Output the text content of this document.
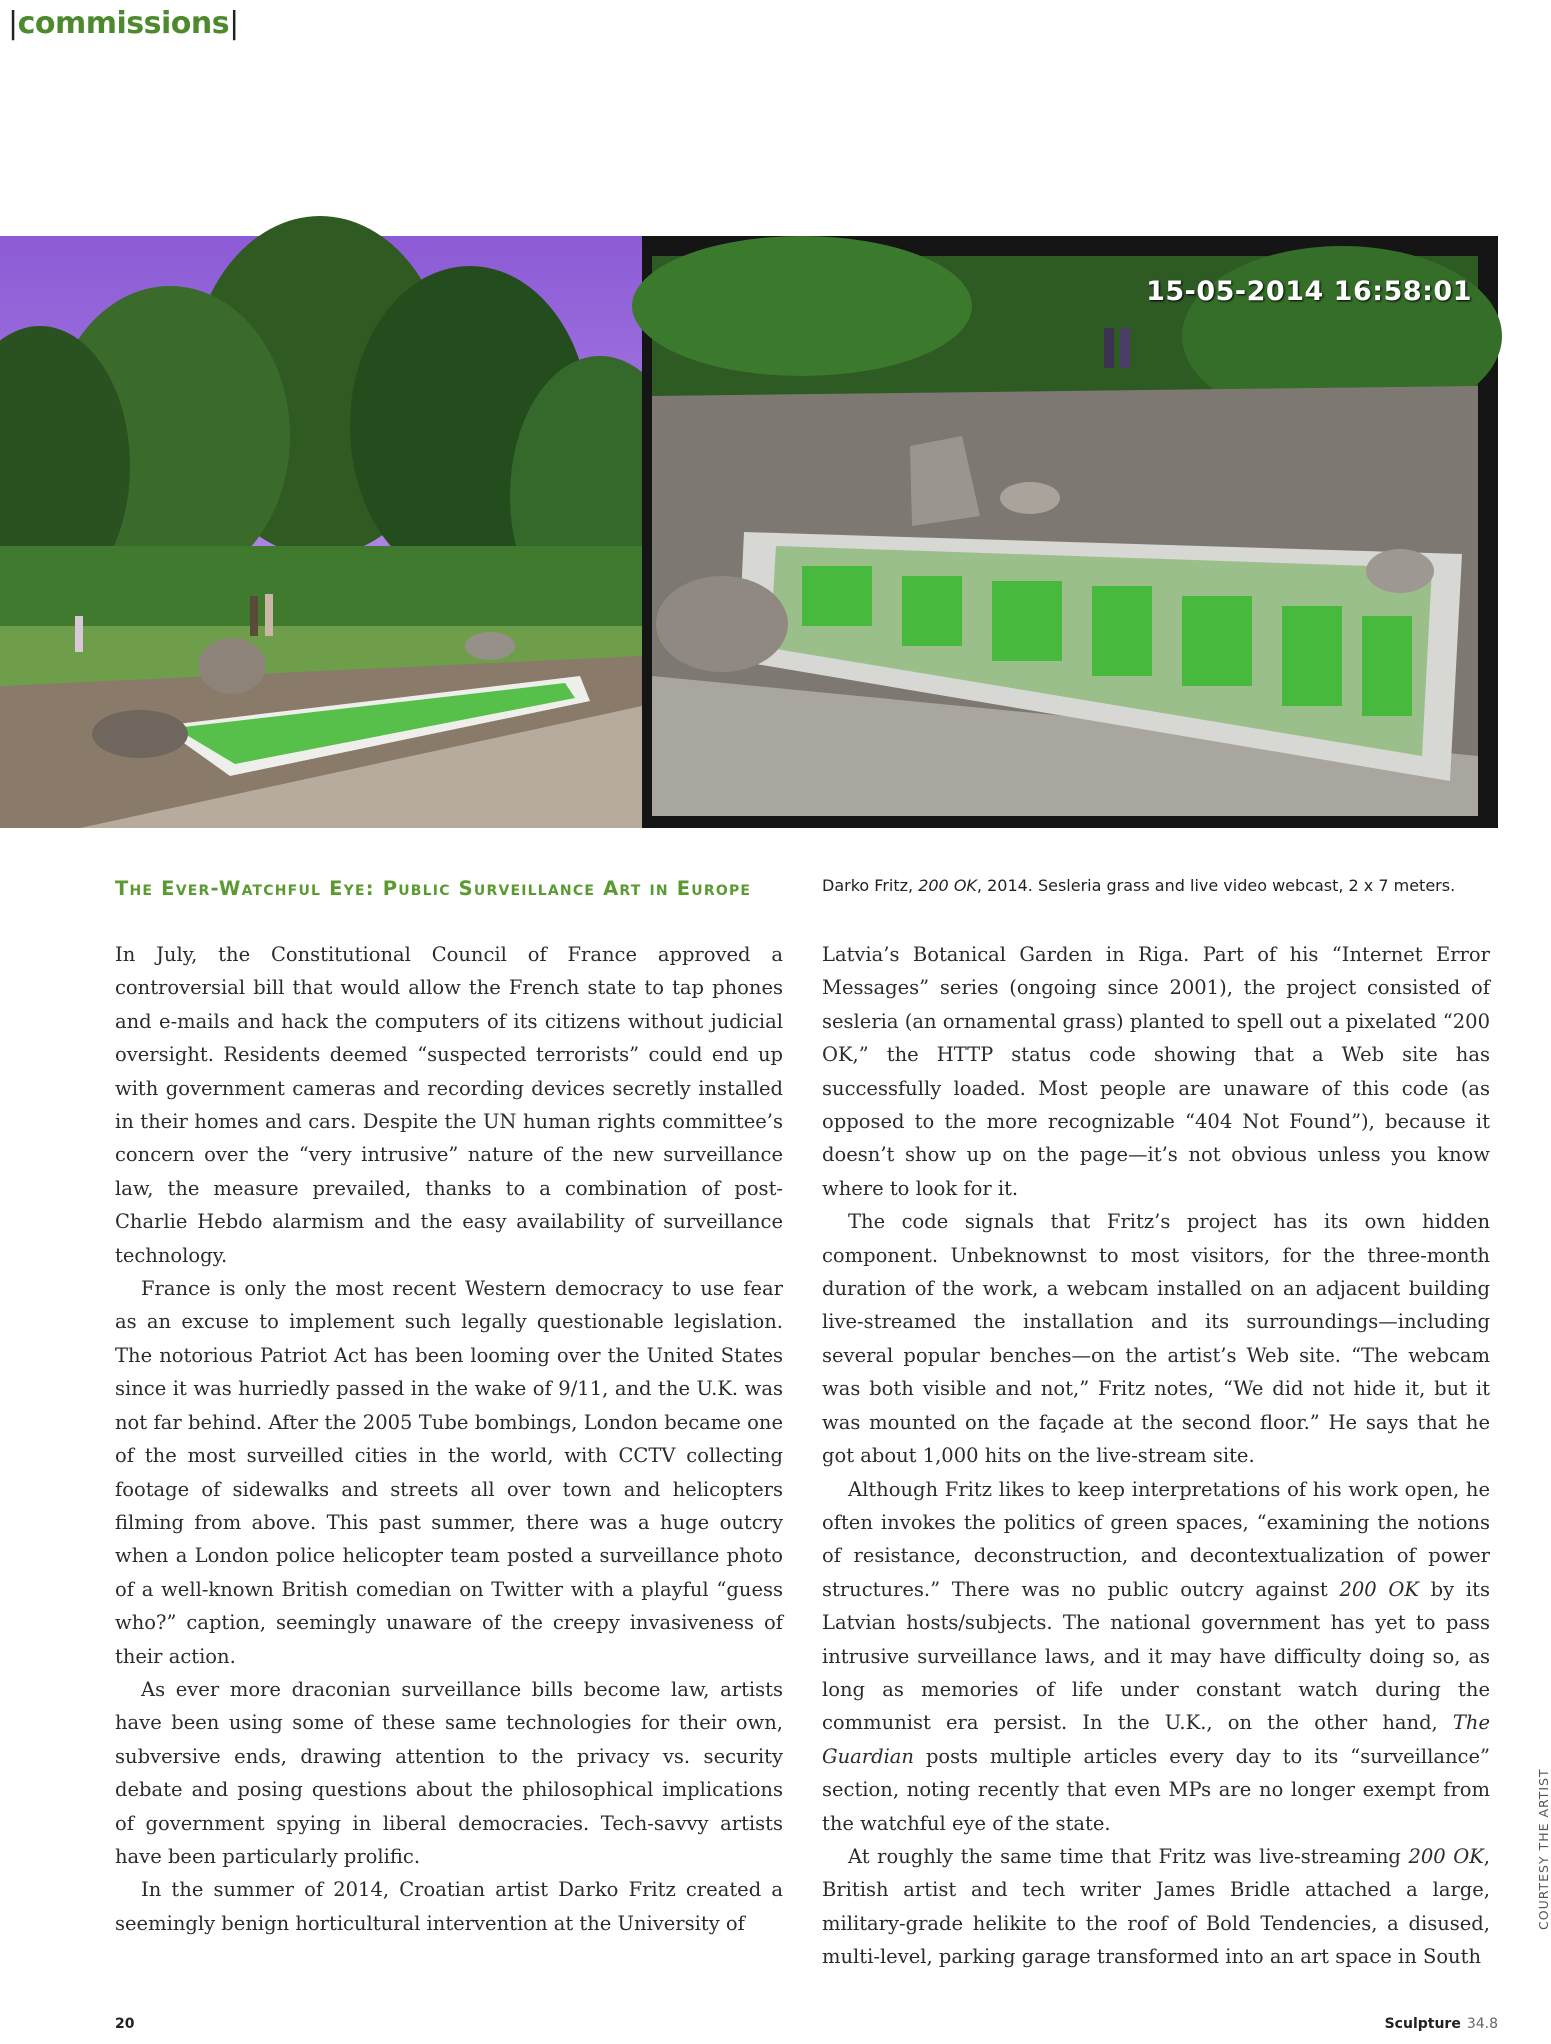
|commissions|
15-05-2014 16:58:01
The Ever-Watchful Eye: Public Surveillance Art in Europe	Darko Fritz, 200 OK, 2014. Sesleria grass and live video webcast, 2 x 7 meters.

In July, the Constitutional Council of France approved a controversial bill that would allow the French state to tap phones and e-mails and hack the computers of its citizens without judicial oversight. Residents deemed “suspected terrorists” could end up with government cameras and recording devices secretly installed in their homes and cars. Despite the UN human rights committee’s concern over the “very intrusive” nature of the new surveillance law, the measure prevailed, thanks to a combination of post-Charlie Hebdo alarmism and the easy availability of surveillance technology.

France is only the most recent Western democracy to use fear as an excuse to implement such legally questionable legislation. The notorious Patriot Act has been looming over the United States since it was hurriedly passed in the wake of 9/11, and the U.K. was not far behind. After the 2005 Tube bombings, London became one of the most surveilled cities in the world, with CCTV collecting footage of sidewalks and streets all over town and helicopters filming from above. This past summer, there was a huge outcry when a London police helicopter team posted a surveillance photo of a well-known British comedian on Twitter with a playful “guess who?” caption, seemingly unaware of the creepy invasiveness of their action.

As ever more draconian surveillance bills become law, artists have been using some of these same technologies for their own, subversive ends, drawing attention to the privacy vs. security debate and posing questions about the philosophical implications of government spying in liberal democracies. Tech-savvy artists have been particularly prolific.

In the summer of 2014, Croatian artist Darko Fritz created a seemingly benign horticultural intervention at the University of

Latvia’s Botanical Garden in Riga. Part of his “Internet Error Messages” series (ongoing since 2001), the project consisted of sesleria (an ornamental grass) planted to spell out a pixelated “200 OK,” the HTTP status code showing that a Web site has successfully loaded. Most people are unaware of this code (as opposed to the more recognizable “404 Not Found”), because it doesn’t show up on the page—it’s not obvious unless you know where to look for it.

The code signals that Fritz’s project has its own hidden component. Unbeknownst to most visitors, for the three-month duration of the work, a webcam installed on an adjacent building live-streamed the installation and its surroundings—including several popular benches—on the artist’s Web site. “The webcam was both visible and not,” Fritz notes, “We did not hide it, but it was mounted on the façade at the second floor.” He says that he got about 1,000 hits on the live-stream site.

Although Fritz likes to keep interpretations of his work open, he often invokes the politics of green spaces, “examining the notions of resistance, deconstruction, and decontextualization of power structures.” There was no public outcry against 200 OK by its Latvian hosts/subjects. The national government has yet to pass intrusive surveillance laws, and it may have difficulty doing so, as long as memories of life under constant watch during the communist era persist. In the U.K., on the other hand, The Guardian posts multiple articles every day to its “surveillance” section, noting recently that even MPs are no longer exempt from the watchful eye of the state.

At roughly the same time that Fritz was live-streaming 200 OK, British artist and tech writer James Bridle attached a large, military-grade helikite to the roof of Bold Tendencies, a disused, multi-level, parking garage transformed into an art space in South

COURTESY THE ARTIST
20	Sculpture 34.8
